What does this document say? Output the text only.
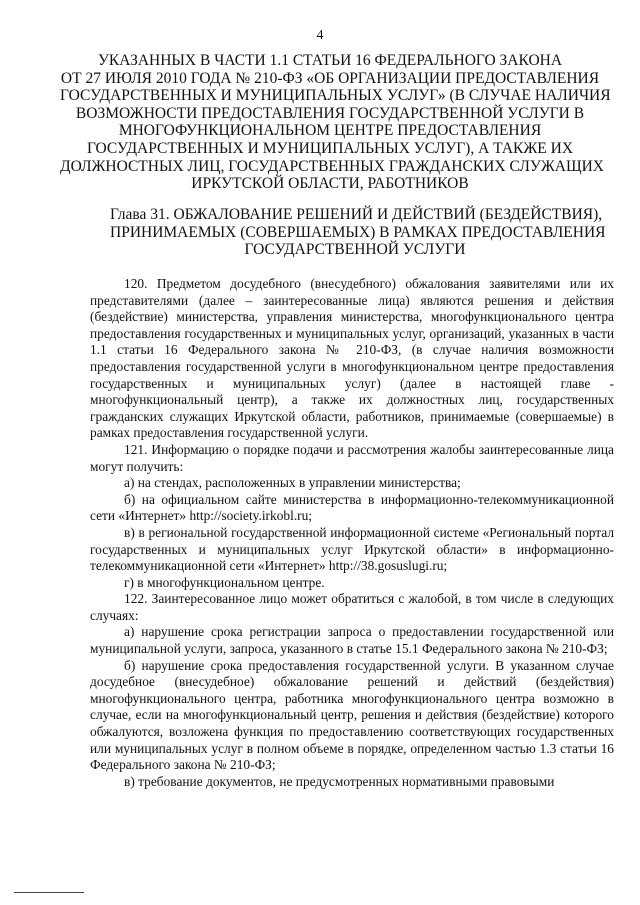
4
УКАЗАННЫХ В ЧАСТИ 1.1 СТАТЬИ 16 ФЕДЕРАЛЬНОГО ЗАКОНА
ОТ 27 ИЮЛЯ 2010 ГОДА № 210-ФЗ «ОБ ОРГАНИЗАЦИИ ПРЕДОСТАВЛЕНИЯ
ГОСУДАРСТВЕННЫХ И МУНИЦИПАЛЬНЫХ УСЛУГ» (В СЛУЧАЕ НАЛИЧИЯ
ВОЗМОЖНОСТИ ПРЕДОСТАВЛЕНИЯ ГОСУДАРСТВЕННОЙ УСЛУГИ В
МНОГОФУНКЦИОНАЛЬНОМ ЦЕНТРЕ ПРЕДОСТАВЛЕНИЯ
ГОСУДАРСТВЕННЫХ И МУНИЦИПАЛЬНЫХ УСЛУГ), А ТАКЖЕ ИХ
ДОЛЖНОСТНЫХ ЛИЦ, ГОСУДАРСТВЕННЫХ ГРАЖДАНСКИХ СЛУЖАЩИХ
ИРКУТСКОЙ ОБЛАСТИ, РАБОТНИКОВ
Глава 31. ОБЖАЛОВАНИЕ РЕШЕНИЙ И ДЕЙСТВИЙ (БЕЗДЕЙСТВИЯ),
ПРИНИМАЕМЫХ (СОВЕРШАЕМЫХ) В РАМКАХ ПРЕДОСТАВЛЕНИЯ
ГОСУДАРСТВЕННОЙ УСЛУГИ

120. Предметом досудебного (внесудебного) обжалования заявителями или их представителями (далее – заинтересованные лица) являются решения и действия (бездействие) министерства, управления министерства, многофункционального центра предоставления государственных и муниципальных услуг, организаций, указанных в части 1.1 статьи 16 Федерального закона № 210-ФЗ, (в случае наличия возможности предоставления государственной услуги в многофункциональном центре предоставления государственных и муниципальных услуг) (далее в настоящей главе - многофункциональный центр), а также их должностных лиц, государственных гражданских служащих Иркутской области, работников, принимаемые (совершаемые) в рамках предоставления государственной услуги.

121. Информацию о порядке подачи и рассмотрения жалобы заинтересованные лица могут получить:

а) на стендах, расположенных в управлении министерства;

б) на официальном сайте министерства в информационно-телекоммуникационной сети «Интернет» http://society.irkobl.ru;

в) в региональной государственной информационной системе «Региональный портал государственных и муниципальных услуг Иркутской области» в информационно-телекоммуникационной сети «Интернет» http://38.gosuslugi.ru;

г) в многофункциональном центре.

122. Заинтересованное лицо может обратиться с жалобой, в том числе в следующих случаях:

а) нарушение срока регистрации запроса о предоставлении государственной или муниципальной услуги, запроса, указанного в статье 15.1 Федерального закона № 210-ФЗ;

б) нарушение срока предоставления государственной услуги. В указанном случае досудебное (внесудебное) обжалование решений и действий (бездействия) многофункционального центра, работника многофункционального центра возможно в случае, если на многофункциональный центр, решения и действия (бездействие) которого обжалуются, возложена функция по предоставлению соответствующих государственных или муниципальных услуг в полном объеме в порядке, определенном частью 1.3 статьи 16 Федерального закона № 210-ФЗ;

в) требование документов, не предусмотренных нормативными правовыми
